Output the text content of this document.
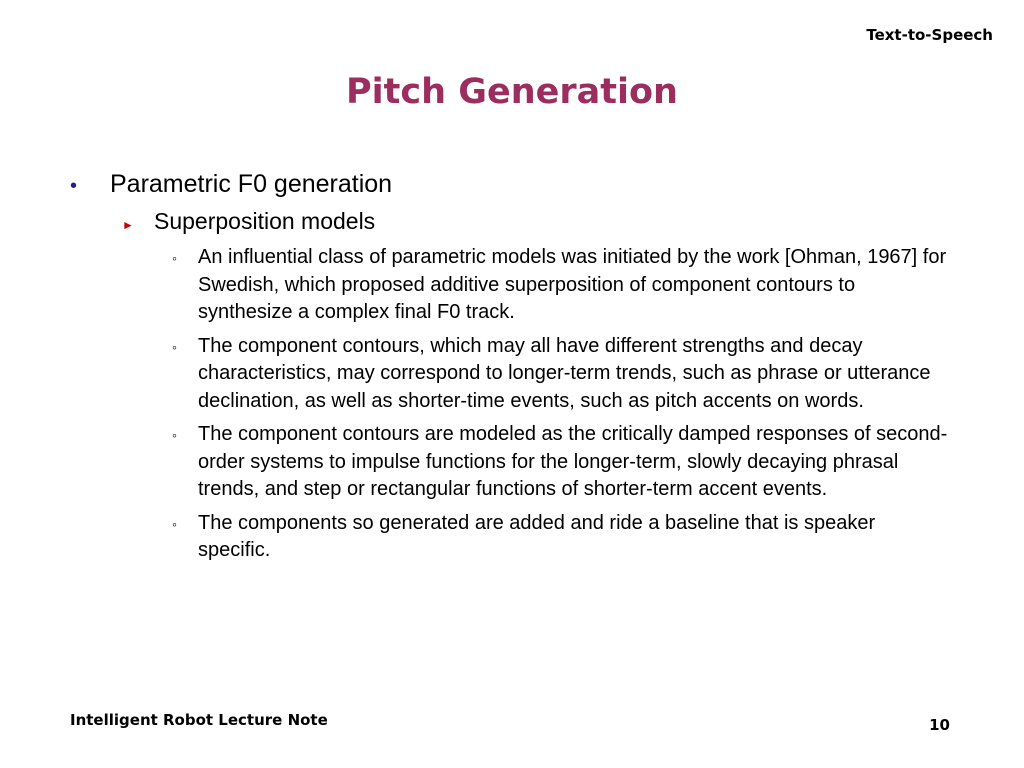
Text-to-Speech
Pitch Generation
•	Parametric F0 generation
► Superposition models
◦	An influential class of parametric models was initiated by the work [Ohman, 1967] for Swedish, which proposed additive superposition of component contours to synthesize a complex final F0 track.
◦	The component contours, which may all have different strengths and decay characteristics, may correspond to longer-term trends, such as phrase or utterance declination, as well as shorter-time events, such as pitch accents on words.
◦	The component contours are modeled as the critically damped responses of second-order systems to impulse functions for the longer-term, slowly decaying phrasal trends, and step or rectangular functions of shorter-term accent events.
◦	The components so generated are added and ride a baseline that is speaker specific.
Intelligent Robot Lecture Note	10
